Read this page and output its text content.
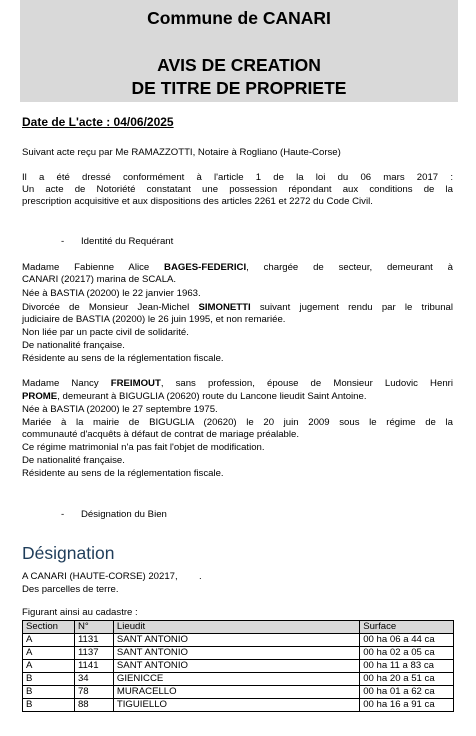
Commune de CANARI
AVIS DE CREATION
DE TITRE DE PROPRIETE
Date de L'acte : 04/06/2025
Suivant acte reçu par Me RAMAZZOTTI, Notaire à Rogliano (Haute-Corse)
Il a été dressé conformément à l'article 1 de la loi du 06 mars 2017 :
Un acte de Notoriété constatant une possession répondant aux conditions de la
prescription acquisitive et aux dispositions des articles 2261 et 2272 du Code Civil.
- Identité du Requérant
Madame Fabienne Alice BAGES-FEDERICI, chargée de secteur, demeurant à
CANARI (20217) marina de SCALA.
Née à BASTIA (20200) le 22 janvier 1963.
Divorcée de Monsieur Jean-Michel SIMONETTI suivant jugement rendu par le tribunal
judiciaire de BASTIA (20200) le 26 juin 1995, et non remariée.
Non liée par un pacte civil de solidarité.
De nationalité française.
Résidente au sens de la réglementation fiscale.
Madame Nancy FREIMOUT, sans profession, épouse de Monsieur Ludovic Henri
PROME, demeurant à BIGUGLIA (20620) route du Lancone lieudit Saint Antoine.
Née à BASTIA (20200) le 27 septembre 1975.
Mariée à la mairie de BIGUGLIA (20620) le 20 juin 2009 sous le régime de la
communauté d'acquêts à défaut de contrat de mariage préalable.
Ce régime matrimonial n'a pas fait l'objet de modification.
De nationalité française.
Résidente au sens de la réglementation fiscale.
- Désignation du Bien
Désignation
A CANARI (HAUTE-CORSE) 20217,        .
Des parcelles de terre.
Figurant ainsi au cadastre :
Section	N°	Lieudit	Surface
A	1131	SANT ANTONIO	00 ha 06 a 44 ca
A	1137	SANT ANTONIO	00 ha 02 a 05 ca
A	1141	SANT ANTONIO	00 ha 11 a 83 ca
B	34	GIENICCE	00 ha 20 a 51 ca
B	78	MURACELLO	00 ha 01 a 62 ca
B	88	TIGUIELLO	00 ha 16 a 91 ca
